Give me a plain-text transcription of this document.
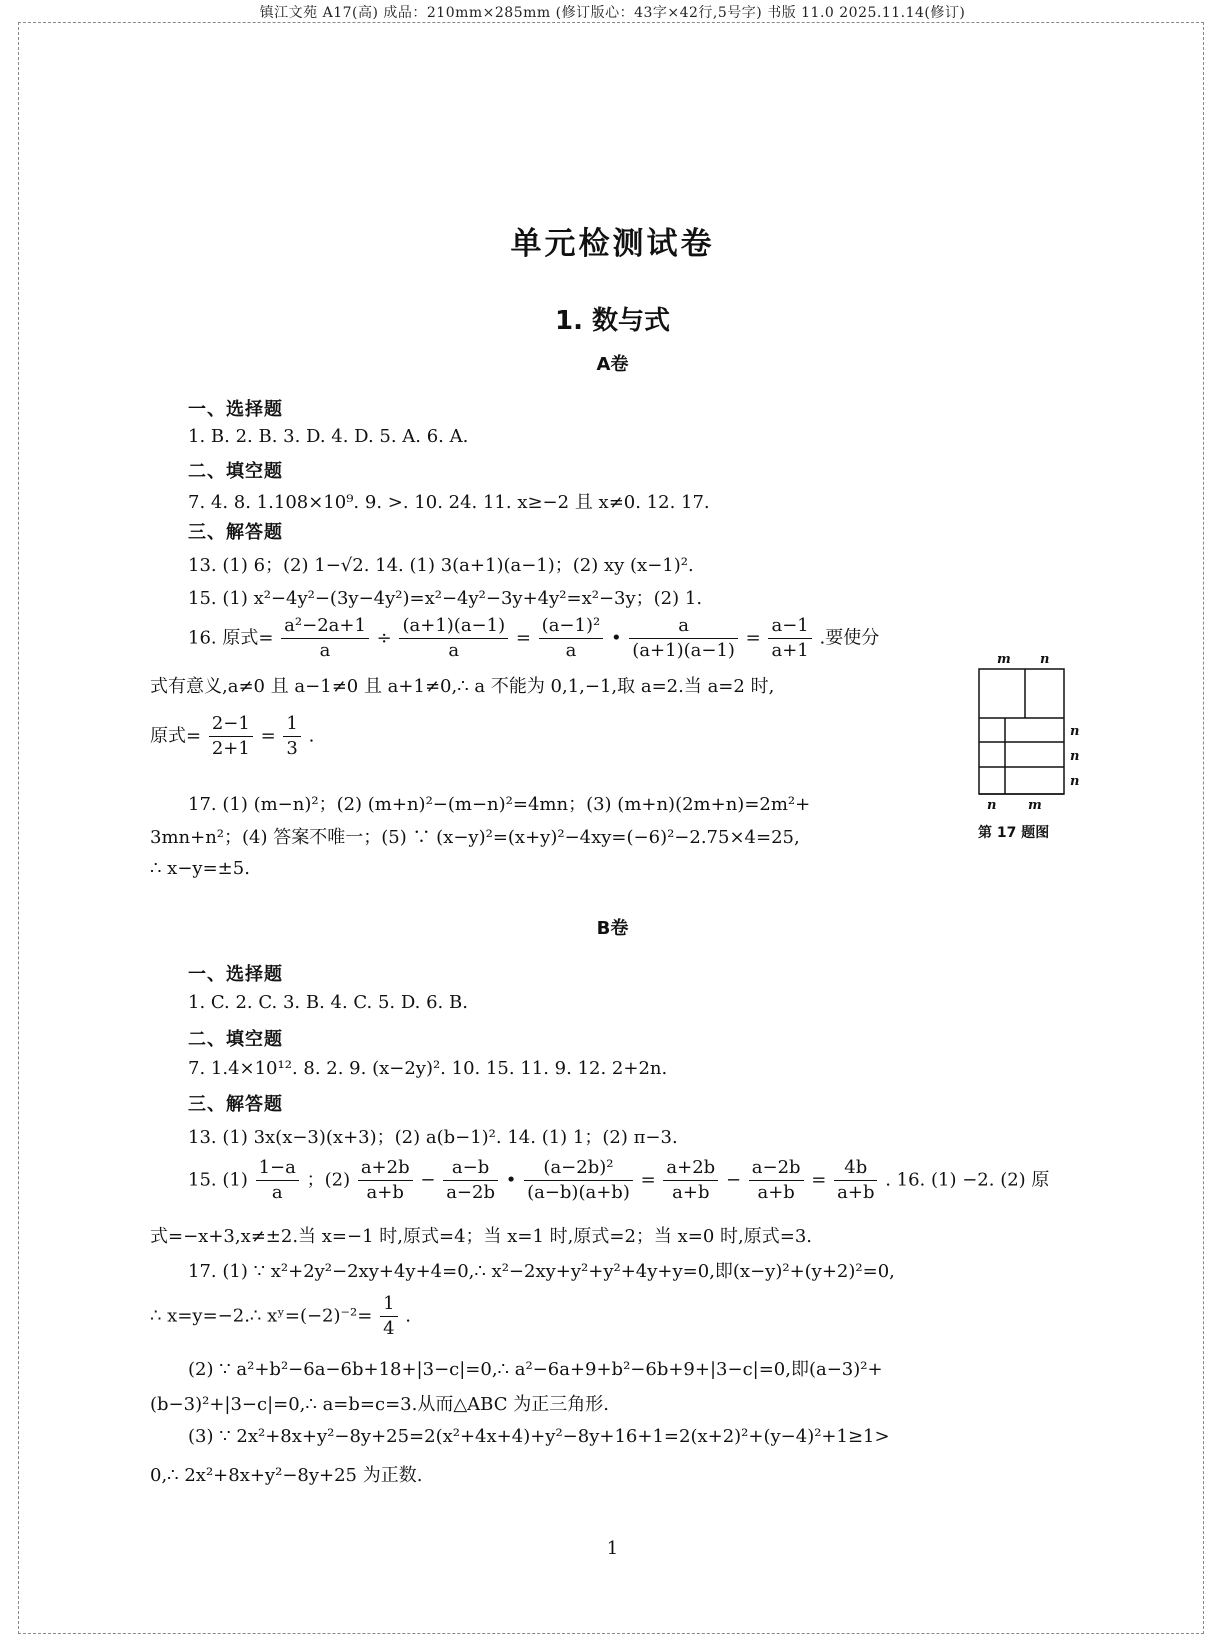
镇江文苑 A17(高) 成品：210mm×285mm (修订版心：43字×42行,5号字) 书版 11.0 2025.11.14(修订)
单元检测试卷
1. 数与式
A卷
一、选择题
1. B. 2. B. 3. D. 4. D. 5. A. 6. A.
二、填空题
7. 4. 8. 1.108×10⁹. 9. >. 10. 24. 11. x≥−2 且 x≠0. 12. 17.
三、解答题
13. (1) 6；(2) 1−√2. 14. (1) 3(a+1)(a−1)；(2) xy (x−1)².
15. (1) x²−4y²−(3y−4y²)=x²−4y²−3y+4y²=x²−3y；(2) 1.
16. 原式= $\frac{\text{a²−2a+1}}{a} \div \frac{(a+1)(a-1)}{a} = \frac{\text{(a−1)²}}{a}$ • $\frac{a}{(a+1)(a-1)} = \frac{a-1}{a+1}$ .要使分
式有意义,a≠0 且 a−1≠0 且 a+1≠0,∴ a 不能为 0,1,−1,取 a=2.当 a=2 时,
原式= $\frac{2-1}{2+1} = \frac{1}{3}$ .
17. (1) (m−n)²；(2) (m+n)²−(m−n)²=4mn；(3) (m+n)(2m+n)=2m²+
3mn+n²；(4) 答案不唯一；(5) ∵ (x−y)²=(x+y)²−4xy=(−6)²−2.75×4=25,
∴ x−y=±5.
m n
n
n
n
n m
第 17 题图
B卷
一、选择题
1. C. 2. C. 3. B. 4. C. 5. D. 6. B.
二、填空题
7. 1.4×10¹². 8. 2. 9. (x−2y)². 10. 15. 11. 9. 12. 2+2n.
三、解答题
13. (1) 3x(x−3)(x+3)；(2) a(b−1)². 14. (1) 1；(2) π−3.
15. $(1) \frac{1-a}{a}$ ；$(2) \frac{a+2b}{a+b} - \frac{a-b}{a-2b}$ • $\frac{\text{(a−2b)²}}{(a-b)(a+b)} = \frac{a+2b}{a+b} - \frac{a-2b}{a+b} = \frac{4b}{a+b}$ . 16. (1) −2. (2) 原
式=−x+3,x≠±2.当 x=−1 时,原式=4；当 x=1 时,原式=2；当 x=0 时,原式=3.
17. (1) ∵ x²+2y²−2xy+4y+4=0,∴ x²−2xy+y²+y²+4y+y=0,即(x−y)²+(y+2)²=0,
∴ x=y=−2.∴ xʸ=(−2)⁻²= $\frac{1}{4}$ .
(2) ∵ a²+b²−6a−6b+18+|3−c|=0,∴ a²−6a+9+b²−6b+9+|3−c|=0,即(a−3)²+
(b−3)²+|3−c|=0,∴ a=b=c=3.从而△ABC 为正三角形.
(3) ∵ 2x²+8x+y²−8y+25=2(x²+4x+4)+y²−8y+16+1=2(x+2)²+(y−4)²+1≥1>
0,∴ 2x²+8x+y²−8y+25 为正数.
1
